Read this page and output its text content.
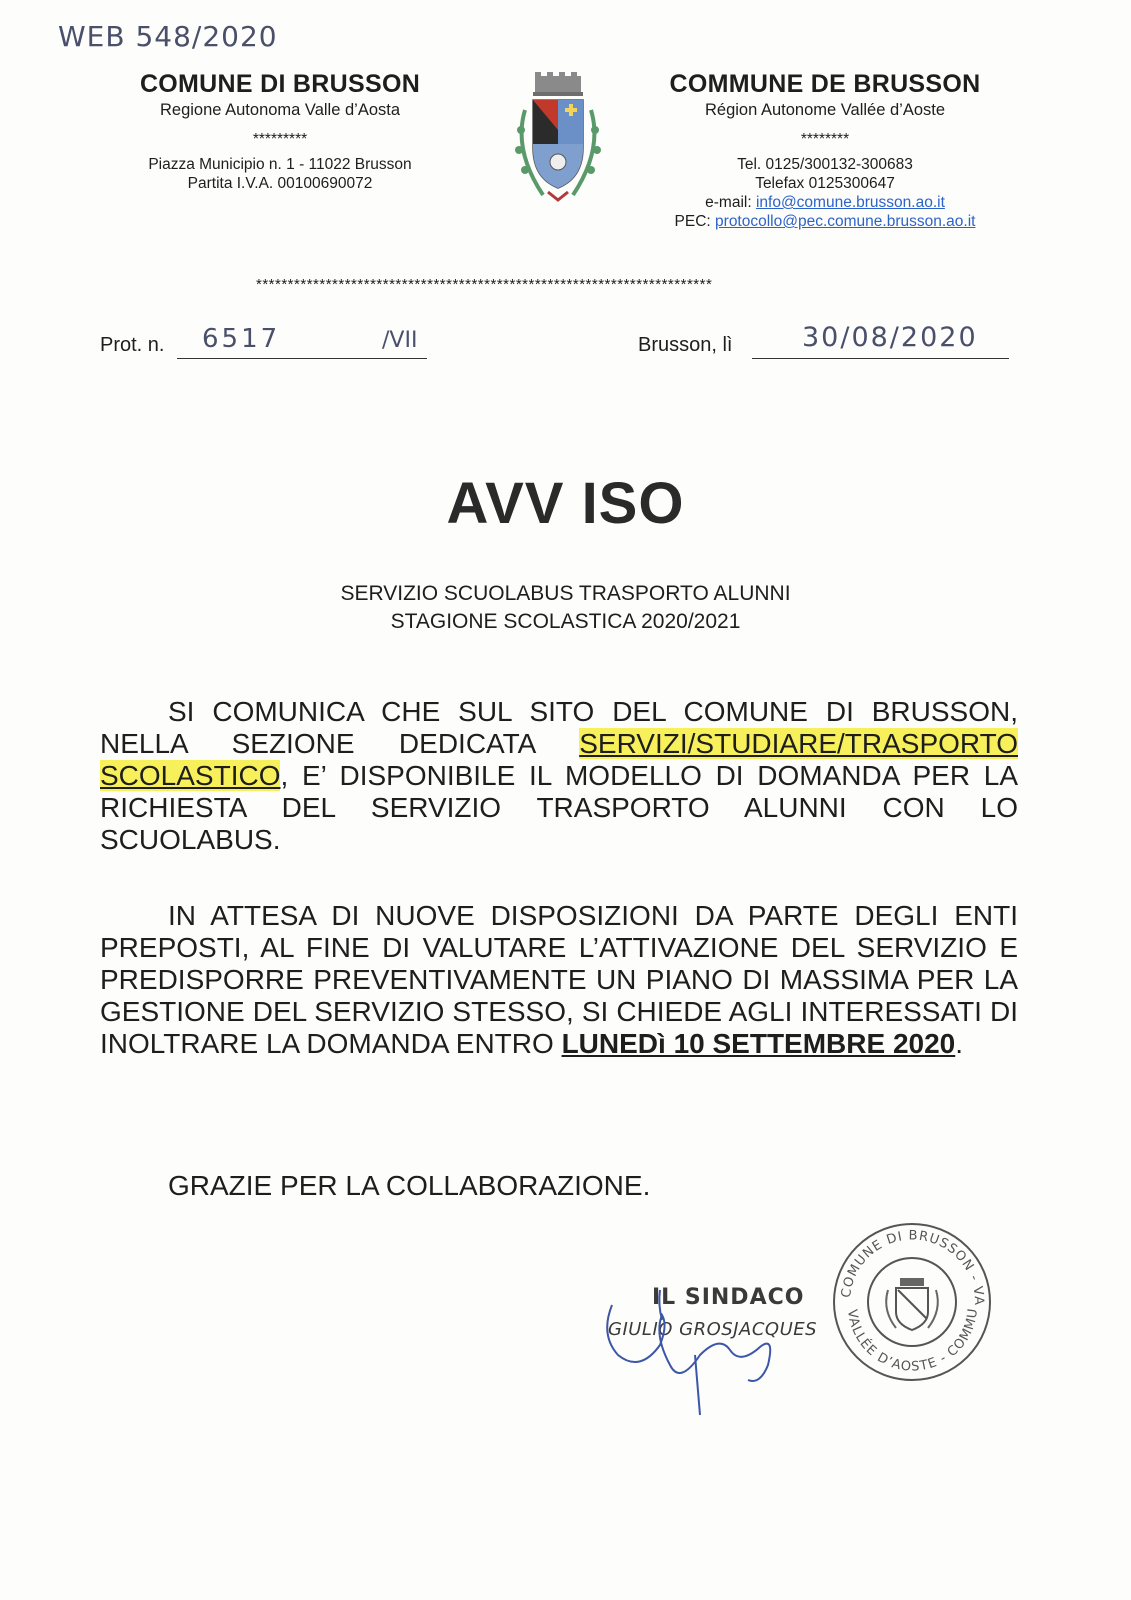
WEB 548/2020
COMUNE DI BRUSSON
Regione Autonoma Valle d’Aosta
*********
Piazza Municipio n. 1 - 11022 Brusson
Partita I.V.A. 00100690072
COMMUNE DE BRUSSON
Région Autonome Vallée d’Aoste
********
Tel. 0125/300132-300683
Telefax 0125300647
e-mail: info@comune.brusson.ao.it
PEC: protocollo@pec.comune.brusson.ao.it
************************************************************************
Prot. n. 6517	/VII	Brusson, lì	30/08/2020
AVV ISO
SERVIZIO SCUOLABUS TRASPORTO ALUNNI
STAGIONE SCOLASTICA 2020/2021
SI COMUNICA CHE SUL SITO DEL COMUNE DI BRUSSON, NELLA SEZIONE DEDICATA SERVIZI/STUDIARE/TRASPORTO SCOLASTICO, E’ DISPONIBILE IL MODELLO DI DOMANDA PER LA RICHIESTA DEL SERVIZIO TRASPORTO ALUNNI CON LO SCUOLABUS.
IN ATTESA DI NUOVE DISPOSIZIONI DA PARTE DEGLI ENTI PREPOSTI, AL FINE DI VALUTARE L’ATTIVAZIONE DEL SERVIZIO E PREDISPORRE PREVENTIVAMENTE UN PIANO DI MASSIMA PER LA GESTIONE DEL SERVIZIO STESSO, SI CHIEDE AGLI INTERESSATI DI INOLTRARE LA DOMANDA ENTRO LUNEDì 10 SETTEMBRE 2020.
GRAZIE PER LA COLLABORAZIONE.
IL SINDACO
GIULIO GROSJACQUES
COMUNE DI BRUSSON - VA
VALLÉE D’AOSTE - COMMU
